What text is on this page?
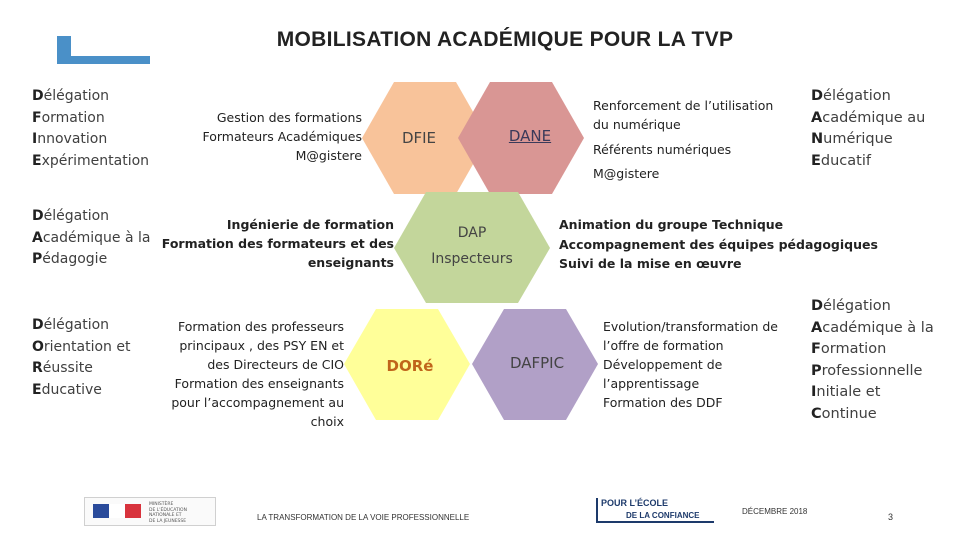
MOBILISATION ACADÉMIQUE POUR LA TVP
DFIE	DANE
DAP
Inspecteurs
DORé	DAFPIC
Délégation
Formation
Innovation
Expérimentation
Délégation
Académique à la
Pédagogie
Délégation
Orientation et
Réussite
Educative
Délégation
Académique au
Numérique
Educatif
Délégation
Académique à la
Formation
Professionnelle
Initiale et
Continue
Gestion des formations
Formateurs Académiques
M@gistere
Ingénierie de formation
Formation des formateurs et des
enseignants
Formation des professeurs
principaux , des PSY EN et
des Directeurs de CIO
Formation des enseignants
pour l’accompagnement au
choix
Renforcement de l’utilisation
du numérique
Référents numériques
M@gistere
Animation du groupe Technique
Accompagnement des équipes pédagogiques
Suivi de la mise en œuvre
Evolution/transformation de
l’offre de formation
Développement de
l’apprentissage
Formation des DDF
MINISTÈRE
DE L'ÉDUCATION
NATIONALE ET
DE LA JEUNESSE	LA TRANSFORMATION DE LA VOIE PROFESSIONNELLE
POUR L’ÉCOLE
DE LA CONFIANCE	DÉCEMBRE 2018
3
